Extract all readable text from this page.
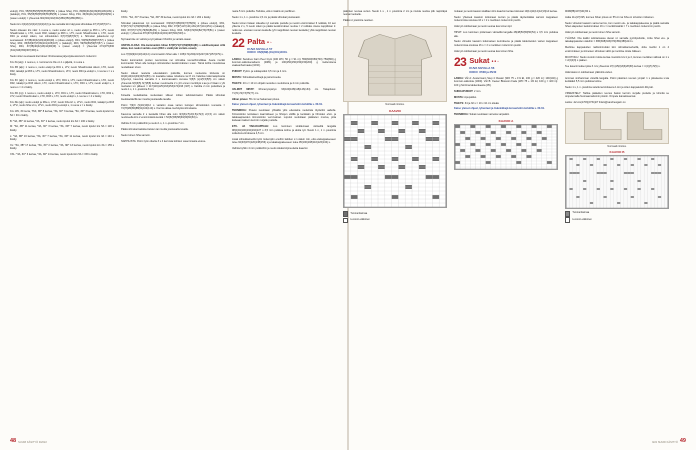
etukpl), P01, 55(55)55(55)55(55)55(55) s (oikea hiha), P01, 80(80)91(91)99(99)109(109) s (takakpl), P01, 55(55)55(55)55(55)55(55) s (vasen hiha), P04, 36(36)41(41)45(45)50(50) s (vasen etukpl) = yhteensä 301(301)322(322)350(350)386(386) s.

Neulo krs 2(2)2(2)2(2)2(2)2(2)2(2) ja tue samalla kiro käpyssä silmukkaa 47(17)48(7)47 s.

Neulo oikeaan krs näin: 1 reuna s, neulo uudet srt s, neulo etukpl ja P03 s, LTV, neulo hihasilmukat s, LTO, neulo R02, takakpl ja R03 s, LTV, neulo hihasilmukat s, LTO, neulo R04 ja etukpl oikein, tuo silmukoiden 6(7)7(9)8(7)8(7) s. Silmukat jakautuvat nyt seuraavasti: 37(38)40(42)43(44)48(49) s (oikea etukpl), R01, 59(59)59(59)57(57) s (oikea hiha), R02, 83(83)97(97)99(101)105(107) s (takakpl), R03, 59(59)59(59)57(57) s (vasen hiha), R04, 37(38)40(42)43(44)48(49) s (vasen etukpl) = yhteensä 274(275)330 (341)343(350)367(369) s.

Neulo sitten seuraavat kierrokset: lihottuvassa järjestyksessä kovin molemmi

Krs 3A (alp): 1 reuna s, n. kumma krs.Ole on 1 s jäljellä, 1 reuna s.

Krs 3B (alp): 1 reuna s, neulo etukpl ja R01 s, LTV, neulo hihasilmukat oikein, LTO, neulo R02, takakpl ja R03 s, LTV, neulo hihasilmukat s, LTO, neulo R04 ja etukpl s, 1 reuna s = s s lisäty.

Krs 3C (alp): 1 reuna s, neulo etukpl s, LTO, R01 s, LTV, neulo hihasilmukat s, LTO, neulo R02, takakpl ja R03 oikein, LTV, neulo hihasilmukat s, LTO, R04 s, LTV, neulo etukpl s, 1 reuna s = 4 s lisätty.

Krs 3D (np): 1 reuna s, neulo etukpl s, LTO, R01 s, LTV, neulo hihasilmukat s, LTO, R02 s, LTV, neulo hihasilmukat s, LTO, R03 s, LTV, neulo etukpl s, 1 reuna s = 4 s lisätty.

Krs 3E (alp): neulo etukpl ja R0a s, LTVr, neulo hiha krt s, LTVn, neulo R02, takakpl ja R03 s, LTVr, neulo hiha srt s, LTVn, neulo R01 ja etukpl s, 1 reuna s = s lisätty.

Krs 19V, 3C kerta, TSK, 3B* 8 kertaa, *3A, 3C* 3 kertaa, *3A, 3D* 3 kertaa, neulo kpulut krs 5A = 94 s lisätty.

B: *3A, 3B* 11 kertaa, *3A, 3C* 2 kertaa, neulo kpulut krs 3A = 100 s lisätty.

M: *3A, 3B* 11 kertaa, *3A, 3C* 3 kertaa, *3A, 3D* 7 kertaa, neulo kpulut krs 5A = 118 s lisätty.

L: *3A, 3B* 16 kertaa, *3A, 3C* 7 kertaa, *3A, 3D* 11 kertaa, neulo kpulut krs 3A = 140 s lisätty.

XL: *3A, 3B* 17 kertaa, *3A, 3C* 2 kertaa, *3A, 3D* 13 kertaa, neulo kpulut krs 3A = 155 s lisätty.

XXL: *3A, 3C* 3 kertaa, *3A, 3D* 14 kertaa, neulo kpulut krs 5A = 159 s lisätty.

lisätty.

XXXL: *3A, 3C* 3 kertaa, *3A, 3D* 30 kertaa, neulo kpulut krs 3A = 202 s lisätty.

Silmukat jakautuvat nyt seuraavasti: 63(64)72(84)82(73)78(81) s (oikea etukpl), R01, 67(67)71(71)79(80)81(81) s (oikea hiha), R02, 97(97)117(121)131(137)141(151) s (takakpl), R03, 67(67)71(71)79(80)81(81) s (vasen hiha), R04, 63(64)72(84)82(73)78(81) s (vasen etukpl) = yhteensä 370(372)430(441)461(467)501(503) s.

Nyt kaarroke on valmis ja työ jatkaan hihoihin ja vartalo-osaan.

VARTALO-OSA: Ota kummankin hihan 67(67)71(71)79(80)81(81) s edellisempaan sillä aikaa, kun neulot vartalo-osan (R03 s sisältyvät vartalo-osaan).

Luo 7(9)9(9)10(10)12(12) s kummankin hihan alle = 165(171)200(213)227(247)257(279) s.

Neulo kummankin puolen neuronissa ner silmukka reunarihmuliikaa. Aseta merkki kummankin hihan alle luotujen silmukoiden keskimmäisten s:aan. Tämä kohta muodostaa neulekkaan sivun.

Neulo oikeat neuletta edestakaisin puikoilla, kunnes neuleosta kivitesta on 40(41)42(42)43(44)51(53) cm kaulakta takaa mitattuna tai 8 cm haluttua kokonaispituutta lyhyempi, kaverina samalla 2 s kummassakin sivussa 5(5)5 (s)4(5,5)5(5) cm välein yhteensä 6(6)6(5) 6(7)8(8) kertaa: neuloreella 2 s yht ennen merkittyä s:aa ja 2 tilaan s yht merkatun s:n jälkeen = 117(119)125(133)153(174)193 (327) s. Kahdla 2 mm puikoilleis ja neulo 1 s, 1 n -joustinta 8 cm.

Koteella neulekkaitsa neulestaan silkeet mittan tarkistamiseksi. Päätä silmukat itsekäseltävillä tav muulla joustavalla tavalla.

Poimi 7(9)9 (9)10(10)12 s vartalon osaa varten luotujen silmukoiden reunasta = 74(76)80(86)88(91)104(110) s. Kierros alkaa merkitystä silmukasta.

Kavenna samalla 2 s keskellä hihan alla noin 3(3)3(2,5)3(2,5)2,5(3) 2(2,5) cm välein neuloreella kiro 2 ensimmäistä kerätä = 52(52)56(58)60(60)60(63) s.

Vaihda 3 mm puikkoihin ja neulo 1 s, 1 n -joustinta 7 cm.

Päätä silmukat kaksikerraisten tai muulla joustavalla tavalla.

Neulo toinen hiha samoin.

NAPPILISTA: Poimi työn oikelta 3 s 4 kerrosta kohden vasemmasta etureu-

nasta 5 mm puikolla. Tarkista, että s:määrä on parillinen.

Neulo 1 s, 1 n -joustinta 1,5 cm ja päätä silmukat joustavasti.

Neulo toinen listaan oikealta nyt samalle puolelle ja neulot ensimmäiset 6 reikkää, 10 sen ylikerta 2 s, 5 neulo oikein ja päätä keskimmäiset neuloa = 2 reikkää. Aseta nappilistan 2. reikä vas. etuosan reunan keskelle (yht nappilistan reunan keskelle) yhtä nappilistan reunan keskelle.

22 Palta •◦
KUVA SIVULLA 57
KOKO: XS(S)M(L)XL(XXL)XXXL

LANKA: Sandnes Garn Peer Gynt (100 WO, 50 g = 91 m): 550(600)650(700) 750(800) g luonnon-valkoisena/kerä (2081) ja 100(150)150(150)150(200) g melleroitena vaaleanharmaata (1032).

PUIKOT: Pyörö- ja sukkapuikot 3,5 mm ja 4 mm.

MOSTA: Silmukkamerkkejä ja painonneula.

TIHEYS: 20 s = 10 cm ohjaki neuletta s neulottuna ja 4 mm puikoilla.

VALMIIT MITAT: Rinnanympärys: 93(100)108(118)126(134) cm. Takapituus: 71(71)72(73)75(77) cm.

Hihan pituus: 55 cm tai haluamasi pituus.

Katso yleiset ohjeet, lyhenteet ja lisävinkkejä konsertetiin kohdilta s. 60-61.

TEKNIIKKA: Puseto neulotaan ylhäältä ylös edestaina neulelista löydettiin aaltella. Kiinnostinko teräväsen kaarrokkeen ja hihojen välillä ja kerätään ja hihoiden ehoi- ja lakakaapiseiden kiinnostinko verrovukset. Loputoi neuloitaan päättelen muova, jotta kaiteaan kakson kerroin nurjalle puolelle.

ETU- JA TAKAKAPPALE: Luo luomisen sinällemaan väriseillä langalla 98(2)94(100)134(210)227 s 3,5 mm puikkoa kolme ja aloita työ. Neulo 1 n, 1 n -joustinta sulkettuna kiroksena 4,5 cm.

Lisää silmukkamerkki työn molempiin enuihin kahden s:n välein niin, että etukappaleeseen tulee 92(93)270(120)138(156) s ja takakappaleeseen tulee 95(100)108(116)126(134) s.

Vaihda kyhtiin 4 mm puikkoihin ja neulo sileää kirjoneuletta kaavion

päärnten reunaa verten. Neulo 1 s , 1 n -joustinta 2 cm ja muista neuloa pitk napinläpä reunan keskelle.

Päätä s:t joustinta neuloen.

Normaali mitoitus.
KAAVIO
Tummanharmaa
Luonnon-valkoinen

mukaan ja neulo kaavio sisältäen kiro kaavion kertaa toistuvat 10(11)11(12)12(13)14 kertaa.

Neulo yhteiseä kaavion kokonaan kerran ja päätä täydentäkää sarvion kappaleen molemmista sivuissa 16 s = 2 s merkkien molemmin puolin.

Jätä työ odottamaan ja neulo seuraa kas toinen kpl.

HIHAT: Luo luomisen pinlamaan väriselilä langalla 48(48)50(50)50(54) s 3,5 mm puikkoa alle.

Neulo viimeksi kaavion kokonaisen kerroksena ja päätä kädenteiden varten kappaleen molemmissa sivuissa 16 s = 2 s merkkien molemmin puolin.

Jätä työ odottamaan ja neulo seuraa kas toinen hiha.

23 Sukat ••◦
KUVA SIVULLA 56
KOKO: 37/38 ja 35/40

LANKA: Vår A: Austermann Step 4 Classic (WO 75 + 1% EI, 100 g = 420 m): 100(140) g luonnon-valkoista (1000). Vår B: Cewec Blossom Fade (WO 75 + 1% EI, 100 g = 420 m): 100 g Sortima lakkenkaesta (05).

SUKKAPUIKOT: 2 mm.

MUSTA: Apupuikko.

TIHEYS: 34 ja 32 s = 10 x 10 cm sileää.

Katso yleiset ohjeet, lyhenteet ja lisävinkkejä konsertetiin kohdilta s. 60-61.

TEKNIIKKA: Sukat neulotaan varresta varpaisiin.

KAAVIO A

9008(88)107(941)50 s.

Jatka 11s(17)195, kunnes hihan pituus on 55 cm tai hiha on toivottun mittainen.

Neulo viimeksi kaavion sama kerros, kun neulot etu- ja takakappaleessa ja päätä samalla hihan alapuolen keskimmäiset 16 s = merkkimäärät = 7 s merkkien molemmin puolin.

Jätä työ odottamaan ja neulo toinen hiha samoin.

YLÄOSA: Ota kaikki odottamassa olevat s:t samalle pyöröpuikolle, Jotta hihat etu- ja takakappaleiden väleihin = 386(308)343(370)354(389)414 s.

Merkitse kappaleiden nahkoinmuldet kiro silmukkamerkeillä, Joita merkki 1 on 4 ensimmäisen ja viimeisen silmukan väliin ja merkitse toista Jälkeen.

MUOTOILU: Neulo vuoroin toista kertaa muotoilu krs:1 ja 2, kunnes merkkien välissä on 1 s = 2(2)2(3) s pääten.

Tee kaverinnukset joka 3. krs yhteensä 17(1)15(0)3(3)28(30) kertaa = 4 (4)(5) 5(5) s.

Jätä tässä s:t odottamaan yläkroitä varten.

tumman sinihamman väreillä langalla. Poimi pääntien reunan ympäri 1 s jokaisesta s:sta keittääkö 5,5 mm puikkoa kolme.

Neulo 1 s, 1 n -joustinta sulettuna kiroksena 1 kro ja sitten kappaleisiin liittyvät.

VIIMEISTELY: Tarkka päätellen reunus bakon kerroin nurjalle puolelle ja kiinnitä se ompelemalla huomaamattomin pistoin. Ompele kainalosaumat.

Lanka: Ja Uos(1703)(0731)07 fnlam@sandnesgarn.no

Normaali mitoitus.
KAAVIO B
Tummanharmaa
Luonnon-valkoinen
48 SUURI KÄSITYÖ 9/2022	9/22 SUURI KÄSITYÖ 49
